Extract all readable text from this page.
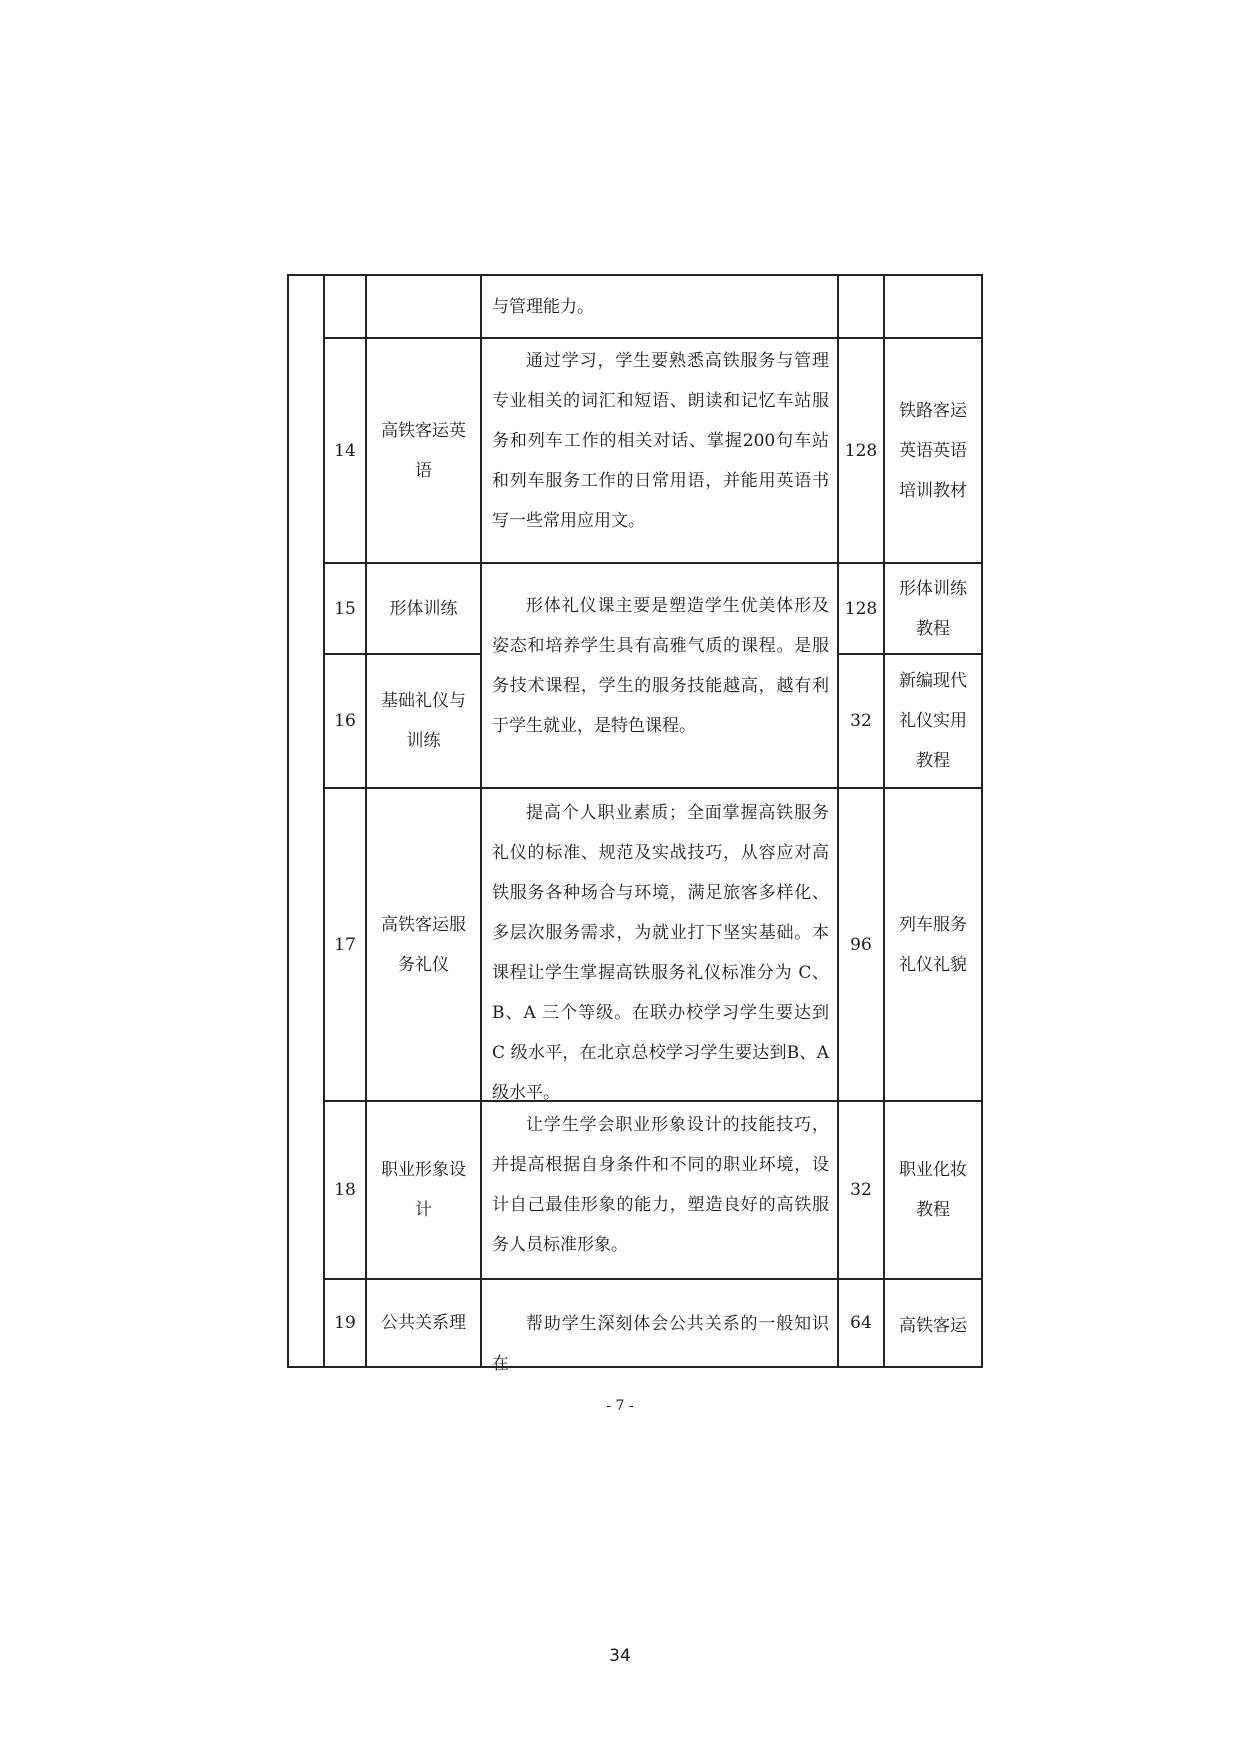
与管理能力。
14
高铁客运英语
通过学习，学生要熟悉高铁服务与管理专业相关的词汇和短语、朗读和记忆车站服务和列车工作的相关对话、掌握200句车站和列车服务工作的日常用语，并能用英语书写一些常用应用文。
128
铁路客运英语英语培训教材
15 形体训练	128
形体训练教程
形体礼仪课主要是塑造学生优美体形及姿态和培养学生具有高雅气质的课程。是服务技术课程，学生的服务技能越高，越有利于学生就业，是特色课程。
16
基础礼仪与训练
32
新编现代礼仪实用教程
17
高铁客运服务礼仪
提高个人职业素质；全面掌握高铁服务礼仪的标准、规范及实战技巧，从容应对高铁服务各种场合与环境，满足旅客多样化、多层次服务需求，为就业打下坚实基础。本课程让学生掌握高铁服务礼仪标准分为 C、B、A 三个等级。在联办校学习学生要达到 C 级水平，在北京总校学习学生要达到B、A级水平。
96
列车服务礼仪礼貌
18
职业形象设计
让学生学会职业形象设计的技能技巧，并提高根据自身条件和不同的职业环境，设计自己最佳形象的能力，塑造良好的高铁服务人员标准形象。
32
职业化妆教程
19 公共关系理	帮助学生深刻体会公共关系的一般知识在
64 高铁客运
- 7 -
34
